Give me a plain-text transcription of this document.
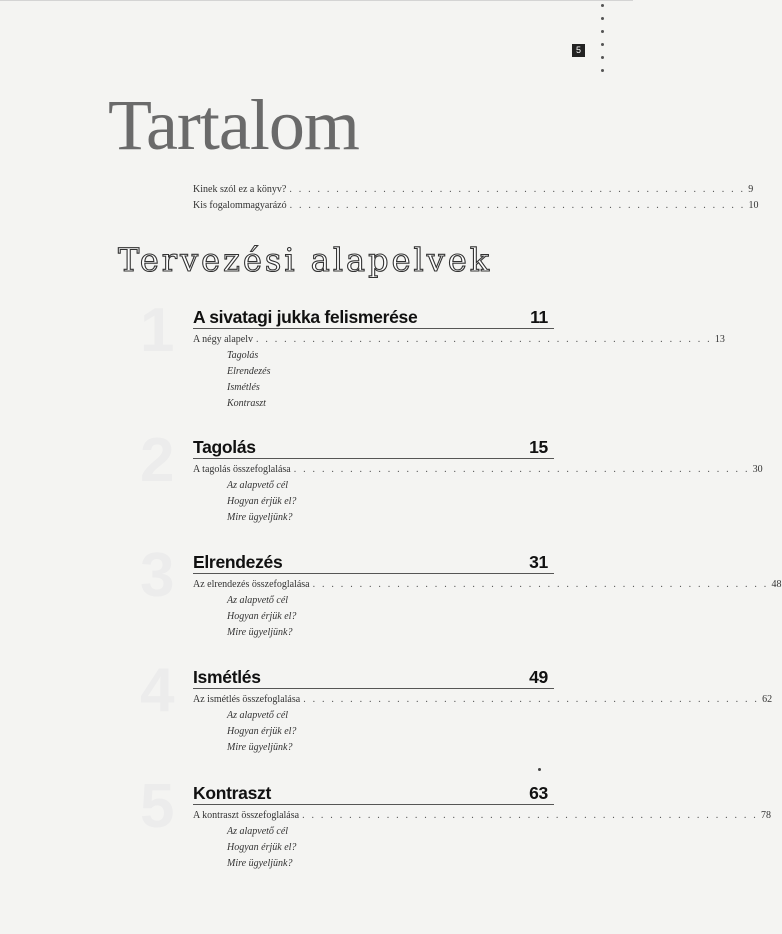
5
Tartalom
Kinek szól ez a könyv? . . . . . . . . . . . . . . . . . . . . . . . . . . . . . . . . . . . . . . . . . . . . . . . . . 9
Kis fogalommagyarázó . . . . . . . . . . . . . . . . . . . . . . . . . . . . . . . . . . . . . . . . . . . . . . . . . 10
Tervezési alapelvek
1 A sivatagi jukka felismerése	11
A négy alapelv . . . . . . . . . . . . . . . . . . . . . . . . . . . . . . . . . . . . . . . . . . . . . . . . . 13
Tagolás
Elrendezés
Ismétlés
Kontraszt
2 Tagolás	15
A tagolás összefoglalása . . . . . . . . . . . . . . . . . . . . . . . . . . . . . . . . . . . . . . . . . . . . . . . . . 30
Az alapvető cél
Hogyan érjük el?
Mire ügyeljünk?
3 Elrendezés	31
Az elrendezés összefoglalása . . . . . . . . . . . . . . . . . . . . . . . . . . . . . . . . . . . . . . . . . . . . . . . . . 48
Az alapvető cél
Hogyan érjük el?
Mire ügyeljünk?
4 Ismétlés	49
Az ismétlés összefoglalása . . . . . . . . . . . . . . . . . . . . . . . . . . . . . . . . . . . . . . . . . . . . . . . . . 62
Az alapvető cél
Hogyan érjük el?
Mire ügyeljünk?
5 Kontraszt	63
A kontraszt összefoglalása . . . . . . . . . . . . . . . . . . . . . . . . . . . . . . . . . . . . . . . . . . . . . . . . . 78
Az alapvető cél
Hogyan érjük el?
Mire ügyeljünk?
